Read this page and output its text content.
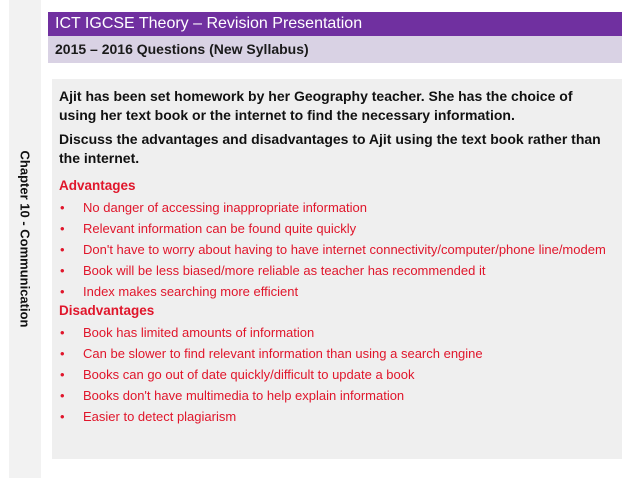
Chapter 10 - Communication
ICT IGCSE Theory – Revision Presentation
2015 – 2016 Questions (New Syllabus)

Ajit has been set homework by her Geography teacher. She has the choice of using her text book or the internet to find the necessary information.

Discuss the advantages and disadvantages to Ajit using the text book rather than the internet.

Advantages
• No danger of accessing inappropriate information
• Relevant information can be found quite quickly
• Don't have to worry about having to have internet connectivity/computer/phone line/modem
• Book will be less biased/more reliable as teacher has recommended it
• Index makes searching more efficient
Disadvantages
• Book has limited amounts of information
• Can be slower to find relevant information than using a search engine
• Books can go out of date quickly/difficult to update a book
• Books don't have multimedia to help explain information
• Easier to detect plagiarism
